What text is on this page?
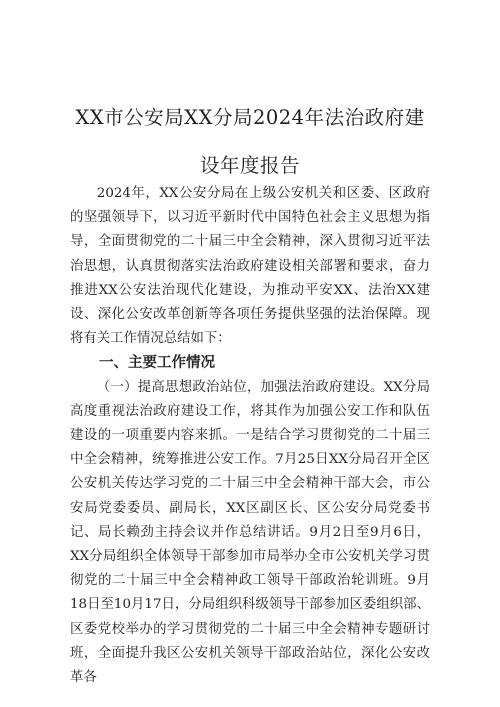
XX市公安局XX分局2024年法治政府建
设年度报告

2024年，XX公安分局在上级公安机关和区委、区政府的坚强领导下，以习近平新时代中国特色社会主义思想为指导，全面贯彻党的二十届三中全会精神，深入贯彻习近平法治思想，认真贯彻落实法治政府建设相关部署和要求，奋力推进XX公安法治现代化建设，为推动平安XX、法治XX建设、深化公安改革创新等各项任务提供坚强的法治保障。现将有关工作情况总结如下：

一、主要工作情况

（一）提高思想政治站位，加强法治政府建设。XX分局高度重视法治政府建设工作，将其作为加强公安工作和队伍建设的一项重要内容来抓。一是结合学习贯彻党的二十届三中全会精神，统筹推进公安工作。7月25日XX分局召开全区公安机关传达学习党的二十届三中全会精神干部大会，市公安局党委委员、副局长，XX区副区长、区公安分局党委书记、局长赖劲主持会议并作总结讲话。9月2日至9月6日，XX分局组织全体领导干部参加市局举办全市公安机关学习贯彻党的二十届三中全会精神政工领导干部政治轮训班。9月18日至10月17日，分局组织科级领导干部参加区委组织部、区委党校举办的学习贯彻党的二十届三中全会精神专题研讨班，全面提升我区公安机关领导干部政治站位，深化公安改革各
